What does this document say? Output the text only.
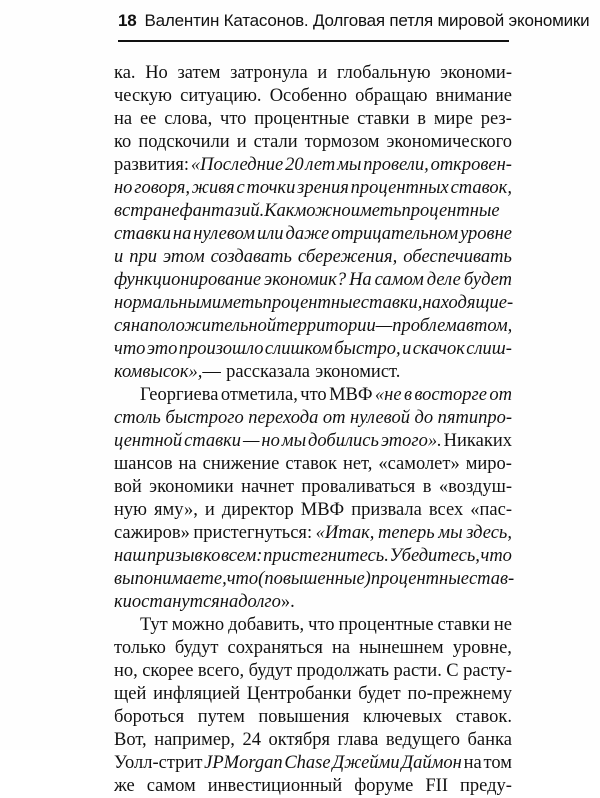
18 Валентин Катасонов. Долговая петля мировой экономики
ка. Но затем затронула и глобальную экономи-
ческую ситуацию. Особенно обращаю внимание
на ее слова, что процентные ставки в мире рез-
ко подскочили и стали тормозом экономического
развития: «Последние 20 лет мы провели, откровен-
но говоря, живя с точки зрения процентных ставок,
в стране фантазий. Как можно иметь процентные
ставки на нулевом или даже отрицательном уровне
и при этом создавать сбережения, обеспечивать
функционирование экономик? На самом деле будет
нормальным иметь процентные ставки, находящие-
ся на положительной территории — проблема в том,
что это произошло слишком быстро, и скачок слиш-
ком высок», — рассказала экономист.
Георгиева отметила, что МВФ «не в восторге от
столь быстрого перехода от нулевой до пятипро-
центной ставки — но мы добились этого». Никаких
шансов на снижение ставок нет, «самолет» миро-
вой экономики начнет проваливаться в «воздуш-
ную яму», и директор МВФ призвала всех «пас-
сажиров» пристегнуться: «Итак, теперь мы здесь,
наш призыв ко всем: пристегнитесь. Убедитесь, что
вы понимаете, что (повышенные) процентные став-
ки останутся надолго ».
Тут можно добавить, что процентные ставки не
только будут сохраняться на нынешнем уровне,
но, скорее всего, будут продолжать расти. С расту-
щей инфляцией Центробанки будет по-прежнему
бороться путем повышения ключевых ставок.
Вот, например, 24 октября глава ведущего банка
Уолл-стрит JPMorgan Chase Джейми Даймон на том
же самом инвестиционный форуме FII преду-
